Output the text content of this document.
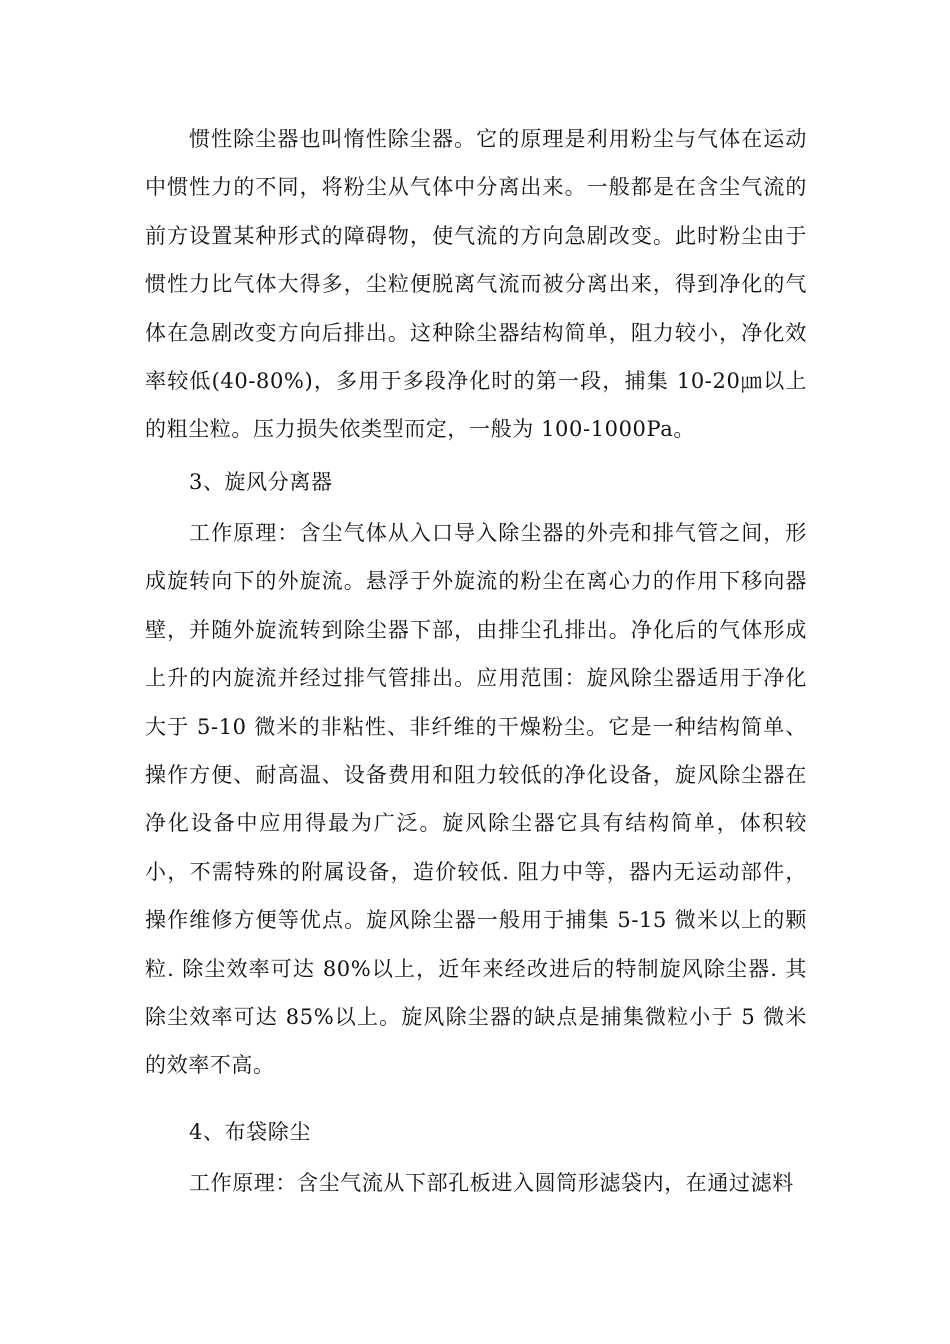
惯性除尘器也叫惰性除尘器。它的原理是利用粉尘与气体在运动中惯性力的不同，将粉尘从气体中分离出来。一般都是在含尘气流的前方设置某种形式的障碍物，使气流的方向急剧改变。此时粉尘由于惯性力比气体大得多，尘粒便脱离气流而被分离出来，得到净化的气体在急剧改变方向后排出。这种除尘器结构简单，阻力较小，净化效率较低(40-80%)，多用于多段净化时的第一段，捕集 10-20㎛以上的粗尘粒。压力损失依类型而定，一般为 100-1000Pa。

3、旋风分离器

工作原理：含尘气体从入口导入除尘器的外壳和排气管之间，形成旋转向下的外旋流。悬浮于外旋流的粉尘在离心力的作用下移向器壁，并随外旋流转到除尘器下部，由排尘孔排出。净化后的气体形成上升的内旋流并经过排气管排出。应用范围：旋风除尘器适用于净化大于 5-10 微米的非粘性、非纤维的干燥粉尘。它是一种结构简单、操作方便、耐高温、设备费用和阻力较低的净化设备，旋风除尘器在净化设备中应用得最为广泛。旋风除尘器它具有结构简单，体积较小，不需特殊的附属设备，造价较低. 阻力中等，器内无运动部件，操作维修方便等优点。旋风除尘器一般用于捕集 5-15 微米以上的颗粒. 除尘效率可达 80%以上，近年来经改进后的特制旋风除尘器. 其除尘效率可达 85%以上。旋风除尘器的缺点是捕集微粒小于 5 微米的效率不高。

4、布袋除尘

工作原理：含尘气流从下部孔板进入圆筒形滤袋内，在通过滤料
